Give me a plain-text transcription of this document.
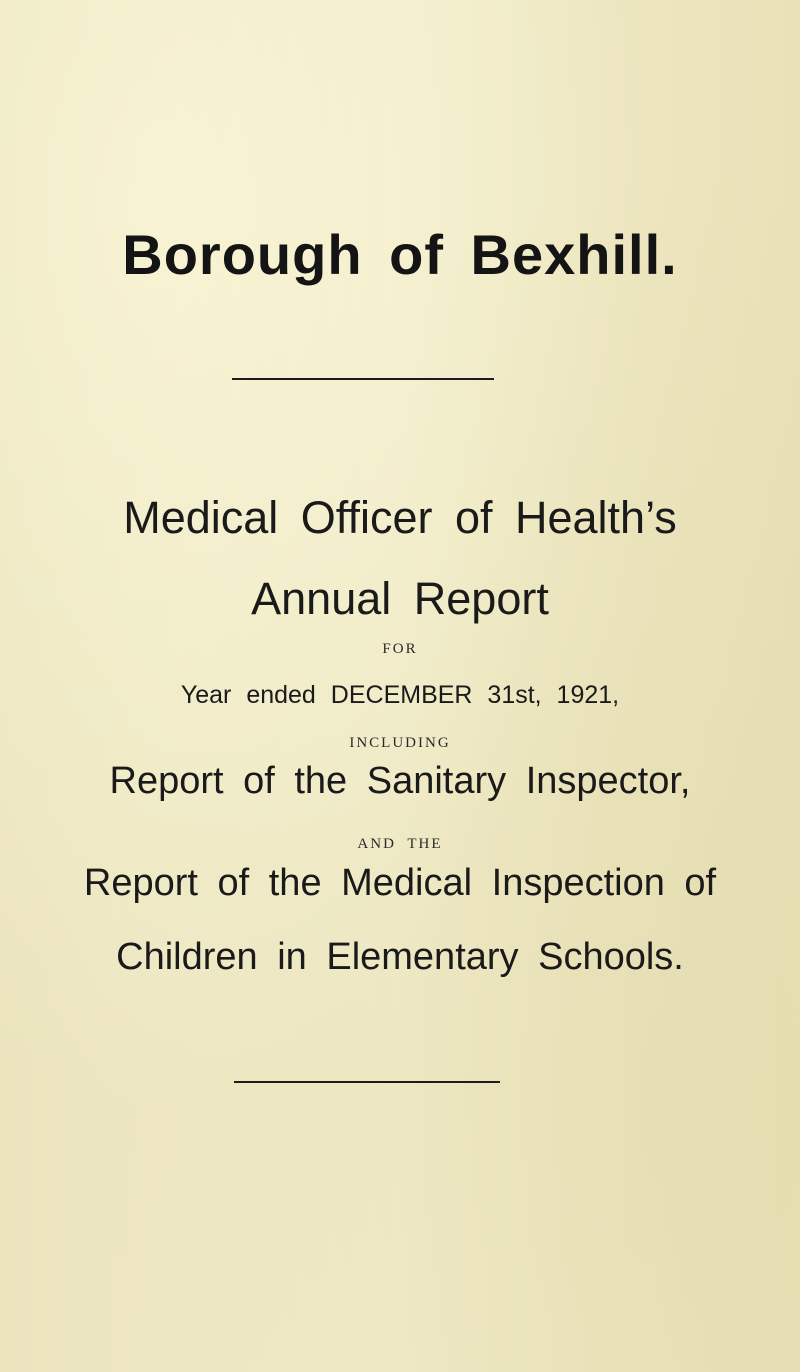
Borough of Bexhill.
Medical Officer of Health’s
Annual Report
FOR
Year ended DECEMBER 31st, 1921,
INCLUDING
Report of the Sanitary Inspector,
AND THE
Report of the Medical Inspection of
Children in Elementary Schools.
